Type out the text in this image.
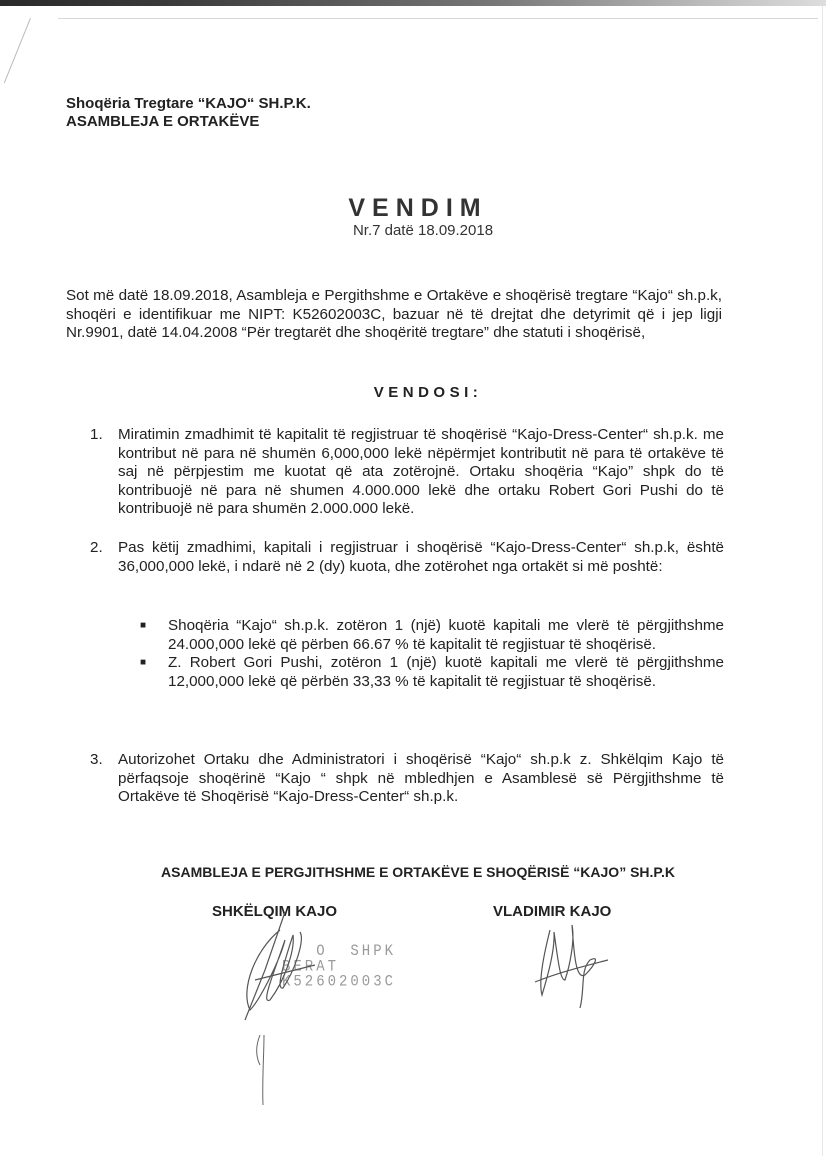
Shoqëria Tregtare “KAJO“ SH.P.K.
ASAMBLEJA E ORTAKËVE
VENDIM
Nr.7 datë 18.09.2018
Sot më datë 18.09.2018, Asambleja e Pergithshme e Ortakëve e shoqërisë tregtare “Kajo“ sh.p.k, shoqëri e identifikuar me NIPT: K52602003C, bazuar në të drejtat dhe detyrimit që i jep ligji Nr.9901, datë 14.04.2008 “Për tregtarët dhe shoqëritë tregtare” dhe statuti i shoqërisë,
VENDOSI:
1. Miratimin zmadhimit të kapitalit të regjistruar të shoqërisë “Kajo-Dress-Center“ sh.p.k. me kontribut në para në shumën 6,000,000 lekë nëpërmjet kontributit në para të ortakëve të saj në përpjestim me kuotat që ata zotërojnë. Ortaku shoqëria “Kajo” shpk do të kontribuojë në para në shumen 4.000.000 lekë dhe ortaku Robert Gori Pushi do të kontribuojë në para shumën 2.000.000 lekë.
2. Pas këtij zmadhimi, kapitali i regjistruar i shoqërisë “Kajo-Dress-Center“ sh.p.k, është 36,000,000 lekë, i ndarë në 2 (dy) kuota, dhe zotërohet nga ortakët si më poshtë:
■ Shoqëria “Kajo“ sh.p.k. zotëron 1 (një) kuotë kapitali me vlerë të përgjithshme 24.000,000 lekë që përben 66.67 % të kapitalit të regjistuar të shoqërisë.
■ Z. Robert Gori Pushi, zotëron 1 (një) kuotë kapitali me vlerë të përgjithshme 12,000,000 lekë që përbën 33,33 % të kapitalit të regjistuar të shoqërisë.
3. Autorizohet Ortaku dhe Administratori i shoqërisë “Kajo“ sh.p.k z. Shkëlqim Kajo të përfaqsoje shoqërinë “Kajo “ shpk në mbledhjen e Asamblesë së Përgjithshme të Ortakëve të Shoqërisë “Kajo-Dress-Center“ sh.p.k.
ASAMBLEJA E PERGJITHSHME E ORTAKËVE E SHOQËRISË “KAJO” SH.P.K
SHKËLQIM KAJO	VLADIMIR KAJO
O  SHPK
BERAT
K52602003C
